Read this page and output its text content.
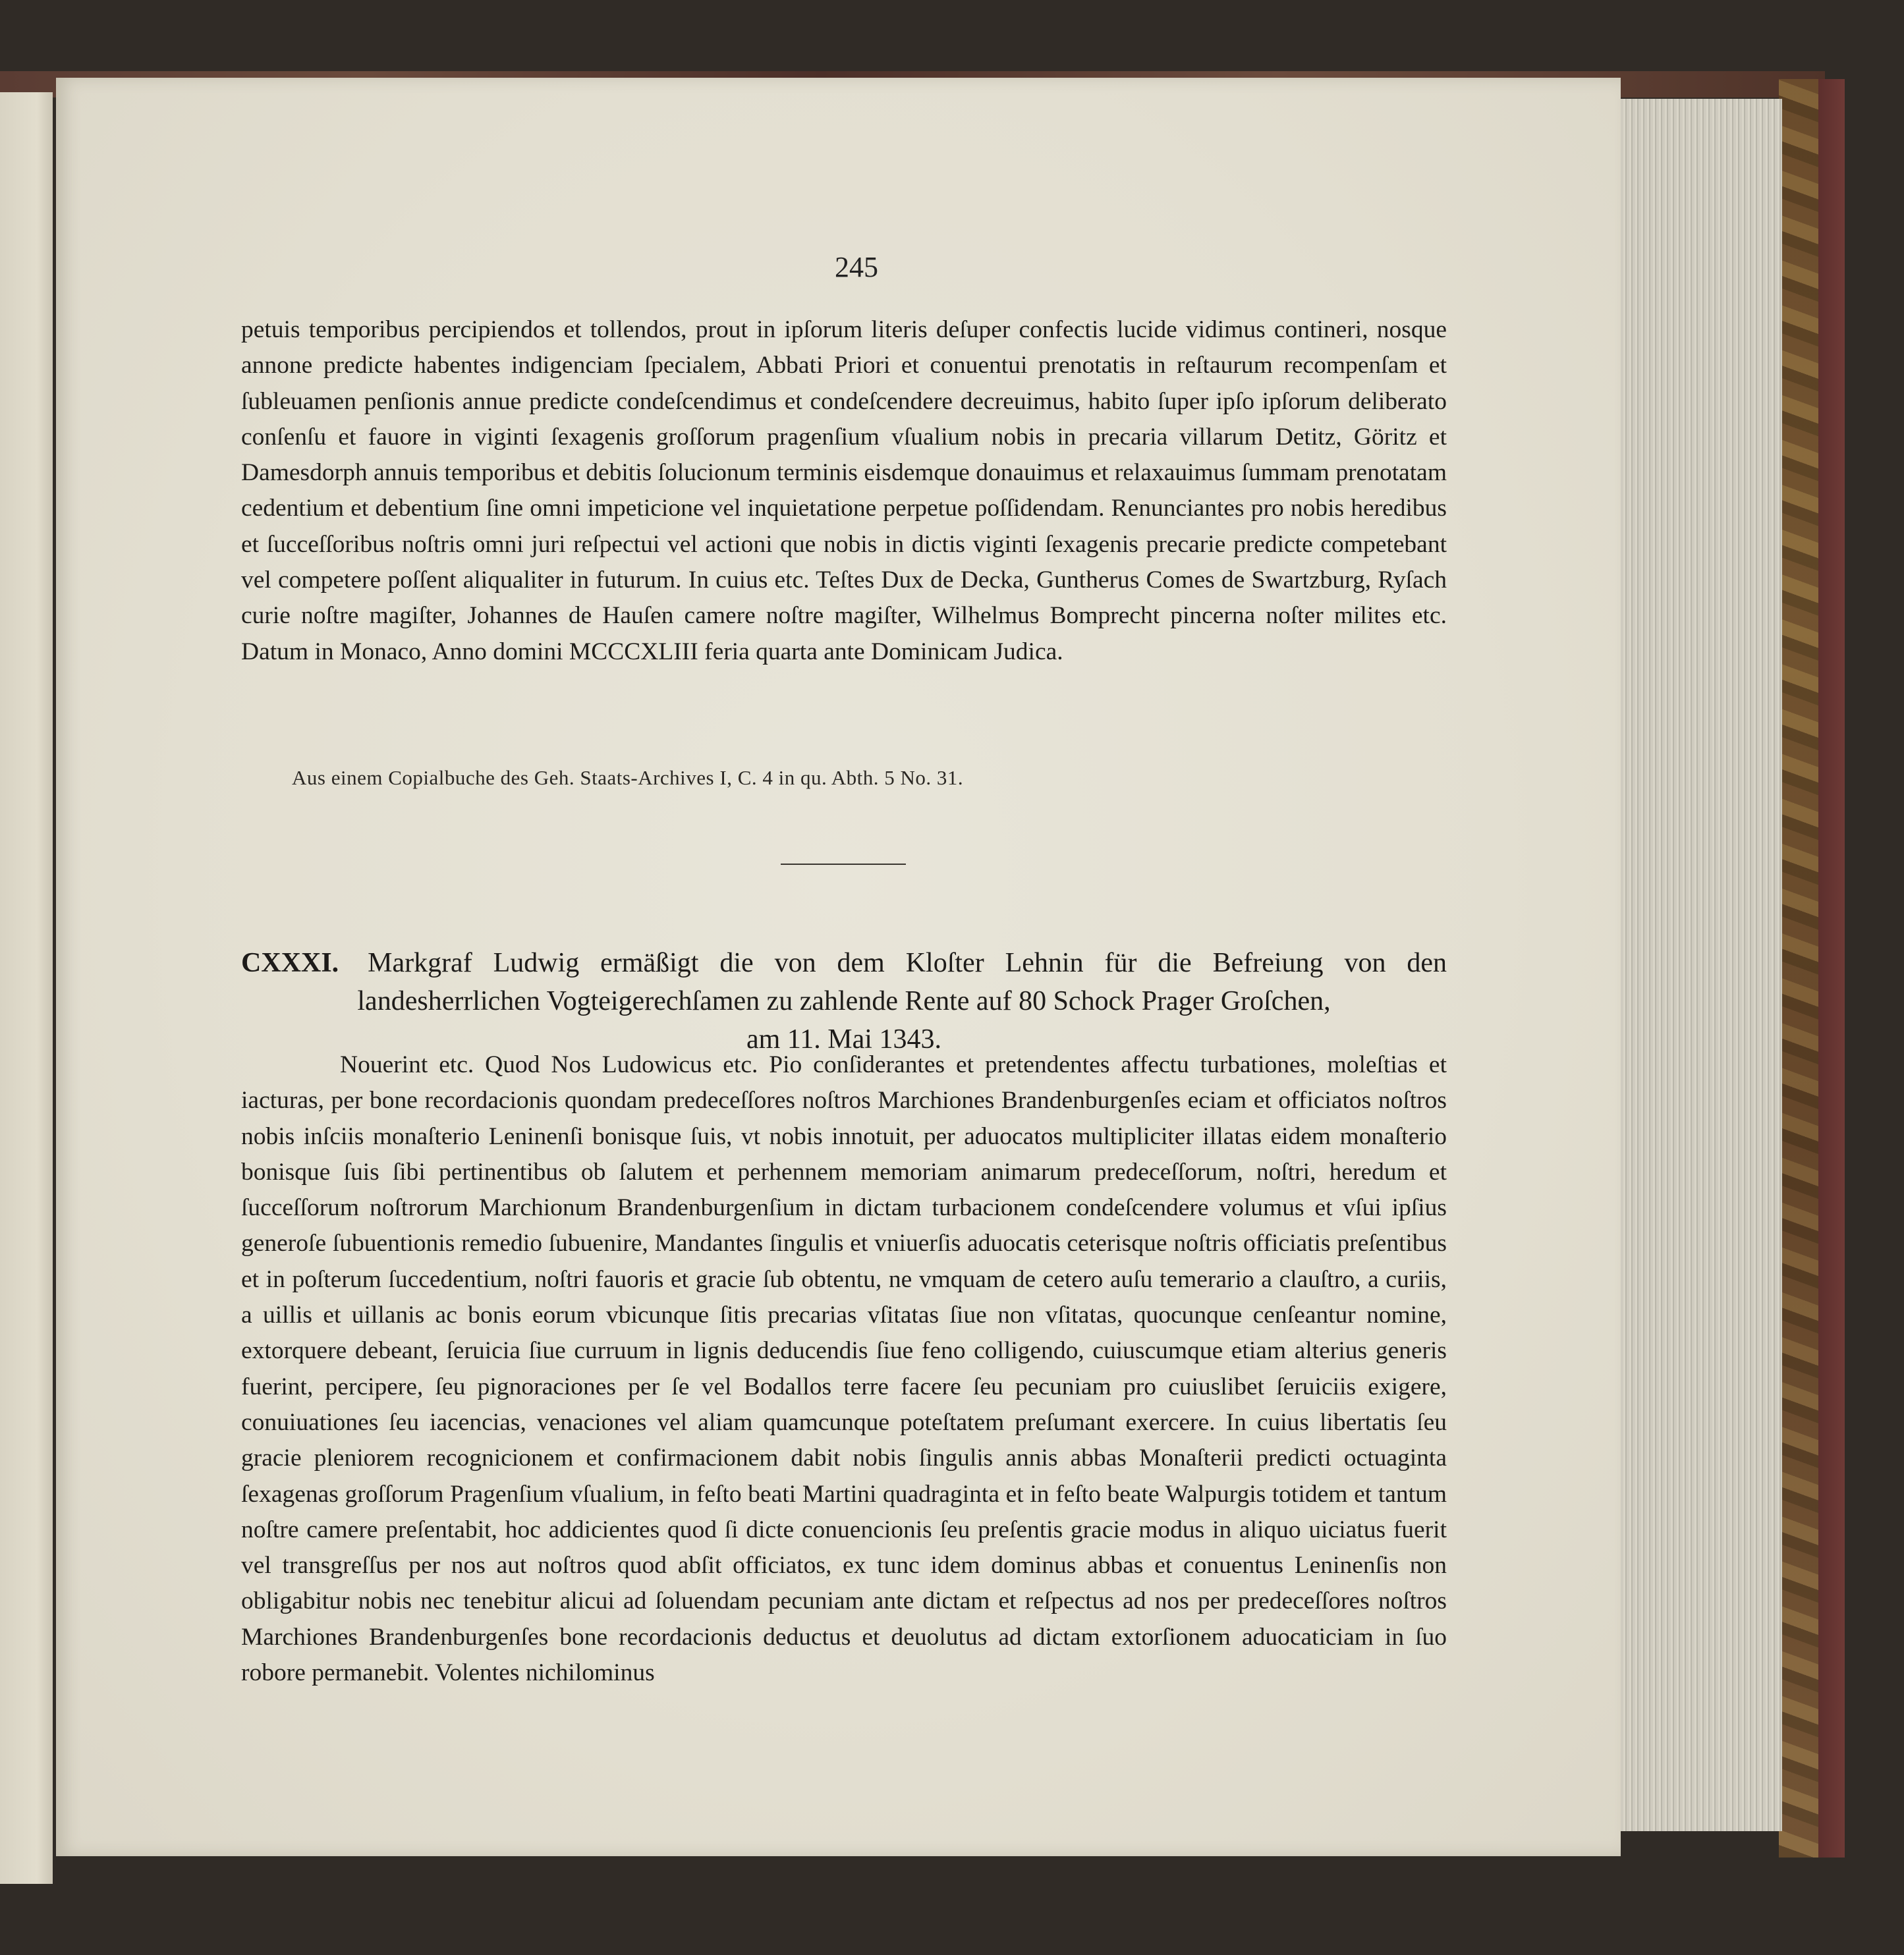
245
petuis temporibus percipiendos et tollendos, prout in ipſorum literis deſuper confectis lucide vidimus contineri, nosque annone predicte habentes indigenciam ſpecialem, Abbati Priori et conuentui prenotatis in reſtaurum recompenſam et ſubleuamen penſionis annue predicte condeſcendimus et condeſcendere decreuimus, habito ſuper ipſo ipſorum deliberato conſenſu et fauore in viginti ſexagenis groſſorum pragenſium vſualium nobis in precaria villarum Detitz, Göritz et Damesdorph annuis temporibus et debitis ſolucionum terminis eisdemque donauimus et relaxauimus ſummam prenotatam cedentium et debentium ſine omni impeticione vel inquietatione perpetue poſſidendam. Renunciantes pro nobis heredibus et ſucceſſoribus noſtris omni juri reſpectui vel actioni que nobis in dictis viginti ſexagenis precarie predicte competebant vel competere poſſent aliqualiter in futurum. In cuius etc. Teſtes Dux de Decka, Guntherus Comes de Swartzburg, Ryſach curie noſtre magiſter, Johannes de Hauſen camere noſtre magiſter, Wilhelmus Bomprecht pincerna noſter milites etc. Datum in Monaco, Anno domini MCCCXLIII feria quarta ante Dominicam Judica.
Aus einem Copialbuche des Geh. Staats-Archives I, C. 4 in qu. Abth. 5 No. 31.
CXXXI. Markgraf Ludwig ermäßigt die von dem Kloſter Lehnin für die Befreiung von den
landesherrlichen Vogteigerechſamen zu zahlende Rente auf 80 Schock Prager Groſchen,
am 11. Mai 1343.
Nouerint etc. Quod Nos Ludowicus etc. Pio conſiderantes et pretendentes affectu turbationes, moleſtias et iacturas, per bone recordacionis quondam predeceſſores noſtros Marchiones Brandenburgenſes eciam et officiatos noſtros nobis inſciis monaſterio Leninenſi bonisque ſuis, vt nobis innotuit, per aduocatos multipliciter illatas eidem monaſterio bonisque ſuis ſibi pertinentibus ob ſalutem et perhennem memoriam animarum predeceſſorum, noſtri, heredum et ſucceſſorum noſtrorum Marchionum Brandenburgenſium in dictam turbacionem condeſcendere volumus et vſui ipſius generoſe ſubuentionis remedio ſubuenire, Mandantes ſingulis et vniuerſis aduocatis ceterisque noſtris officiatis preſentibus et in poſterum ſuccedentium, noſtri fauoris et gracie ſub obtentu, ne vmquam de cetero auſu temerario a clauſtro, a curiis, a uillis et uillanis ac bonis eorum vbicunque ſitis precarias vſitatas ſiue non vſitatas, quocunque cenſeantur nomine, extorquere debeant, ſeruicia ſiue curruum in lignis deducendis ſiue feno colligendo, cuiuscumque etiam alterius generis fuerint, percipere, ſeu pignoraciones per ſe vel Bodallos terre facere ſeu pecuniam pro cuiuslibet ſeruiciis exigere, conuiuationes ſeu iacencias, venaciones vel aliam quamcunque poteſtatem preſumant exercere. In cuius libertatis ſeu gracie pleniorem recognicionem et confirmacionem dabit nobis ſingulis annis abbas Monaſterii predicti octuaginta ſexagenas groſſorum Pragenſium vſualium, in feſto beati Martini quadraginta et in feſto beate Walpurgis totidem et tantum noſtre camere preſentabit, hoc addicientes quod ſi dicte conuencionis ſeu preſentis gracie modus in aliquo uiciatus fuerit vel transgreſſus per nos aut noſtros quod abſit officiatos, ex tunc idem dominus abbas et conuentus Leninenſis non obligabitur nobis nec tenebitur alicui ad ſoluendam pecuniam ante dictam et reſpectus ad nos per predeceſſores noſtros Marchiones Brandenburgenſes bone recordacionis deductus et deuolutus ad dictam extorſionem aduocaticiam in ſuo robore permanebit. Volentes nichilominus
